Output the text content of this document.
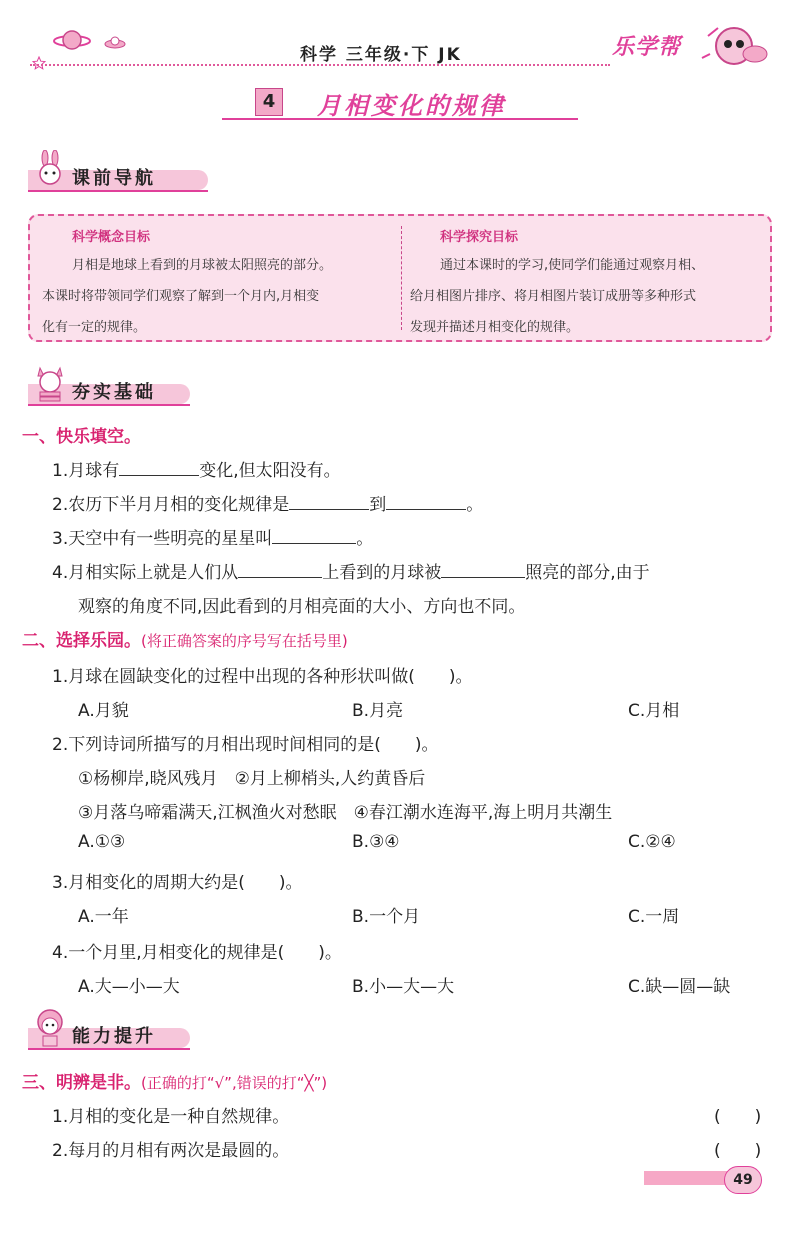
科学 三年级·下 JK	乐学帮
4	月相变化的规律
课前导航
科学概念目标
月相是地球上看到的月球被太阳照亮的部分。
本课时将带领同学们观察了解到一个月内,月相变
化有一定的规律。
科学探究目标
通过本课时的学习,使同学们能通过观察月相、
给月相图片排序、将月相图片装订成册等多种形式
发现并描述月相变化的规律。
夯实基础
一、快乐填空。
1.月球有	变化,但太阳没有。
2.农历下半月月相的变化规律是	到	。
3.天空中有一些明亮的星星叫	。
4.月相实际上就是人们从	上看到的月球被	照亮的部分,由于
观察的角度不同,因此看到的月相亮面的大小、方向也不同。
二、选择乐园。(将正确答案的序号写在括号里)
1.月球在圆缺变化的过程中出现的各种形状叫做(　　)。
A.月貌	B.月亮	C.月相
2.下列诗词所描写的月相出现时间相同的是(　　)。
①杨柳岸,晓风残月　②月上柳梢头,人约黄昏后
③月落乌啼霜满天,江枫渔火对愁眠　④春江潮水连海平,海上明月共潮生
A.①③	B.③④	C.②④
3.月相变化的周期大约是(　　)。
A.一年	B.一个月	C.一周
4.一个月里,月相变化的规律是(　　)。
A.大—小—大	B.小—大—大	C.缺—圆—缺
能力提升
三、明辨是非。(正确的打“√”,错误的打“╳”)
1.月相的变化是一种自然规律。	(　　)
2.每月的月相有两次是最圆的。	(　　)
49
